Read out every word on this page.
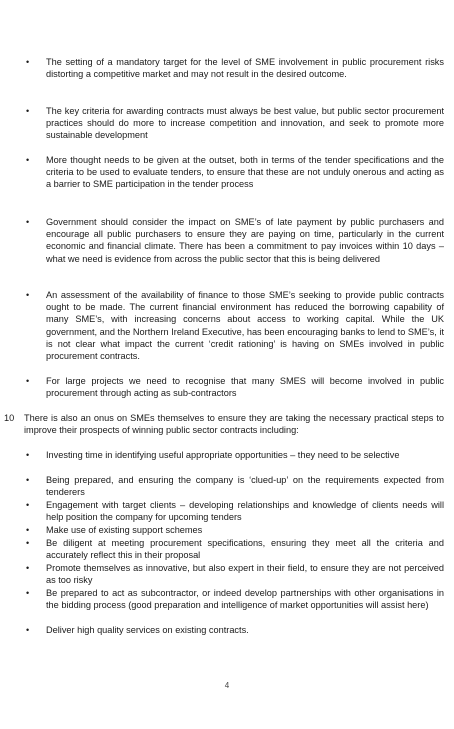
• The setting of a mandatory target for the level of SME involvement in public procurement risks distorting a competitive market and may not result in the desired outcome.
• The key criteria for awarding contracts must always be best value, but public sector procurement practices should do more to increase competition and innovation, and seek to promote more sustainable development
• More thought needs to be given at the outset, both in terms of the tender specifications and the criteria to be used to evaluate tenders, to ensure that these are not unduly onerous and acting as a barrier to SME participation in the tender process
• Government should consider the impact on SME’s of late payment by public purchasers and encourage all public purchasers to ensure they are paying on time, particularly in the current economic and financial climate. There has been a commitment to pay invoices within 10 days – what we need is evidence from across the public sector that this is being delivered
• An assessment of the availability of finance to those SME’s seeking to provide public contracts ought to be made. The current financial environment has reduced the borrowing capability of many SME’s, with increasing concerns about access to working capital. While the UK government, and the Northern Ireland Executive, has been encouraging banks to lend to SME’s, it is not clear what impact the current ‘credit rationing’ is having on SMEs involved in public procurement contracts.
• For large projects we need to recognise that many SMES will become involved in public procurement through acting as sub-contractors
10 There is also an onus on SMEs themselves to ensure they are taking the necessary practical steps to improve their prospects of winning public sector contracts including:
• Investing time in identifying useful appropriate opportunities – they need to be selective
• Being prepared, and ensuring the company is ‘clued-up’ on the requirements expected from tenderers
• Engagement with target clients – developing relationships and knowledge of clients needs will help position the company for upcoming tenders
• Make use of existing support schemes
• Be diligent at meeting procurement specifications, ensuring they meet all the criteria and accurately reflect this in their proposal
• Promote themselves as innovative, but also expert in their field, to ensure they are not perceived as too risky
• Be prepared to act as subcontractor, or indeed develop partnerships with other organisations in the bidding process (good preparation and intelligence of market opportunities will assist here)
• Deliver high quality services on existing contracts.
4
